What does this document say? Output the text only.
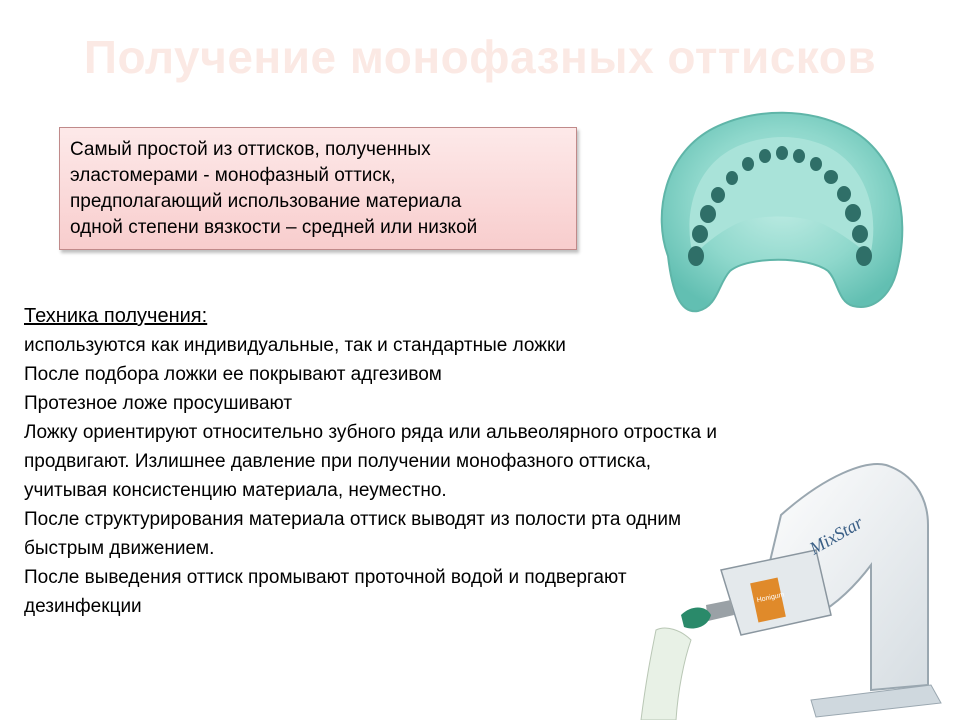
Получение монофазных оттисков

Самый простой из оттисков, полученных
эластомерами - монофазный оттиск,
предполагающий использование материала
одной степени вязкости – средней или низкой

Техника получения:
используются как индивидуальные, так и стандартные ложки
После подбора ложки ее покрывают адгезивом
Протезное ложе просушивают
Ложку ориентируют относительно зубного ряда или альвеолярного отростка и продвигают. Излишнее давление при получении монофазного оттиска, учитывая консистенцию материала, неуместно.
После структурирования материала оттиск выводят из полости рта одним быстрым движением.
После выведения оттиск промывают проточной водой и подвергают дезинфекции	Honigum
MixStar
